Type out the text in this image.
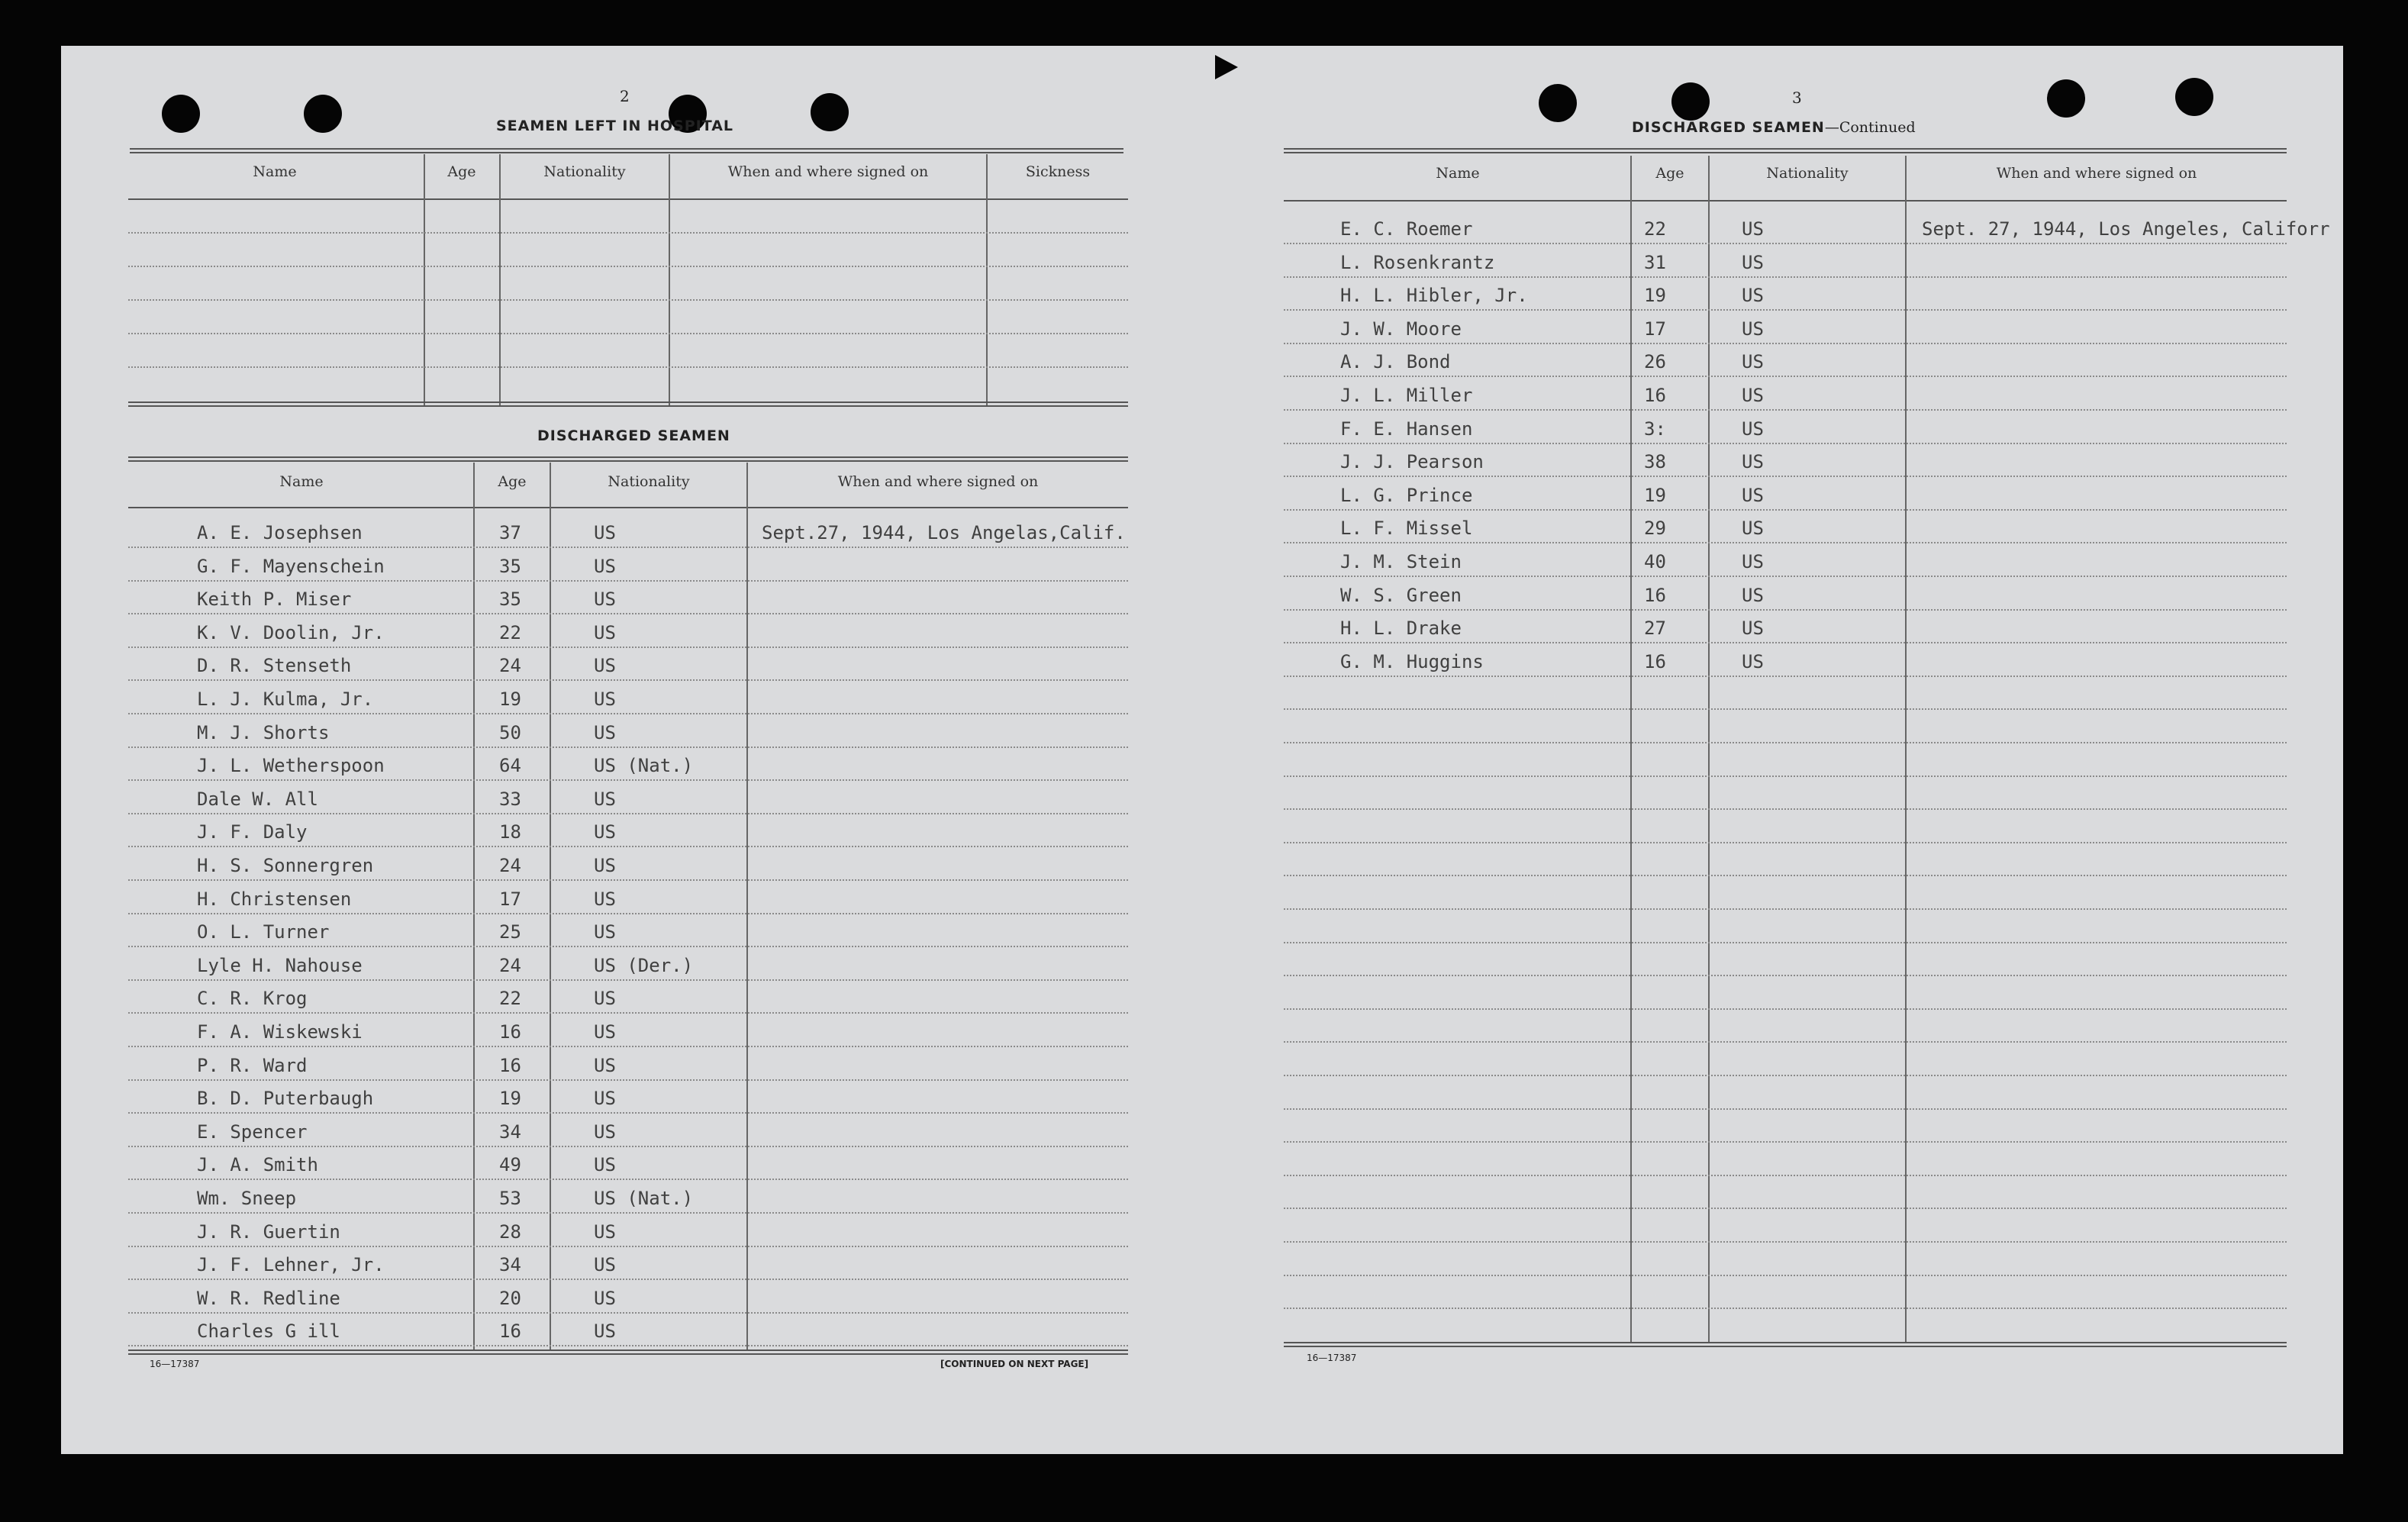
2
SEAMEN LEFT IN HOSPITAL
Name	Age	Nationality	When and where signed on	Sickness
DISCHARGED SEAMEN
Name	Age	Nationality	When and where signed on
A. E. Josephsen	37	US	Sept.27, 1944, Los Angelas,Calif.
G. F. Mayenschein	35	US
Keith P. Miser	35	US
K. V. Doolin, Jr.	22	US
D. R. Stenseth	24	US
L. J. Kulma, Jr.	19	US
M. J. Shorts	50	US
J. L. Wetherspoon	64	US (Nat.)
Dale W. All	33	US
J. F. Daly	18	US
H. S. Sonnergren	24	US
H. Christensen	17	US
O. L. Turner	25	US
Lyle H. Nahouse	24	US (Der.)
C. R. Krog	22	US
F. A. Wiskewski	16	US
P. R. Ward	16	US
B. D. Puterbaugh	19	US
E. Spencer	34	US
J. A. Smith	49	US
Wm. Sneep	53	US (Nat.)
J. R. Guertin	28	US
J. F. Lehner, Jr.	34	US
W. R. Redline	20	US
Charles G ill	16	US
16—17387	[CONTINUED ON NEXT PAGE]
3
DISCHARGED SEAMEN—Continued
Name	Age	Nationality	When and where signed on
E. C. Roemer	22	US	Sept. 27, 1944, Los Angeles, Califorr
L. Rosenkrantz	31	US
H. L. Hibler, Jr.	19	US
J. W. Moore	17	US
A. J. Bond	26	US
J. L. Miller	16	US
F. E. Hansen	3:	US
J. J. Pearson	38	US
L. G. Prince	19	US
L. F. Missel	29	US
J. M. Stein	40	US
W. S. Green	16	US
H. L. Drake	27	US
G. M. Huggins	16	US
16—17387
